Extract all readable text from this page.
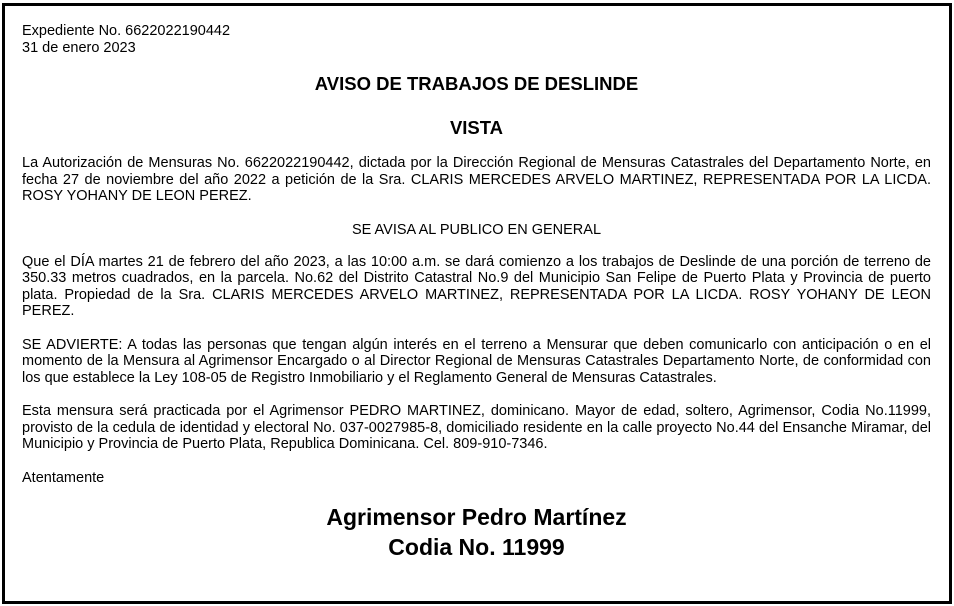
Expediente No. 6622022190442

31 de enero 2023

AVISO DE TRABAJOS DE DESLINDE
VISTA

La Autorización de Mensuras No. 6622022190442, dictada por la Dirección Regional de Mensuras Catastrales del Departamento Norte, en fecha 27 de noviembre del año 2022 a petición de la Sra. CLARIS MERCEDES ARVELO MARTINEZ, REPRESENTADA POR LA LICDA. ROSY YOHANY DE LEON PEREZ.

SE AVISA AL PUBLICO EN GENERAL

Que el DÍA martes 21 de febrero del año 2023, a las 10:00 a.m. se dará comienzo a los trabajos de Deslinde de una porción de terreno de 350.33 metros cuadrados, en la parcela. No.62 del Distrito Catastral No.9 del Municipio San Felipe de Puerto Plata y Provincia de puerto plata. Propiedad de la Sra. CLARIS MERCEDES ARVELO MARTINEZ, REPRESENTADA POR LA LICDA. ROSY YOHANY DE LEON PEREZ.

SE ADVIERTE: A todas las personas que tengan algún interés en el terreno a Mensurar que deben comunicarlo con anticipación o en el momento de la Mensura al Agrimensor Encargado o al Director Regional de Mensuras Catastrales Departamento Norte, de conformidad con los que establece la Ley 108-05 de Registro Inmobiliario y el Reglamento General de Mensuras Catastrales.

Esta mensura será practicada por el Agrimensor PEDRO MARTINEZ, dominicano. Mayor de edad, soltero, Agrimensor, Codia No.11999, provisto de la cedula de identidad y electoral No. 037-0027985-8, domiciliado residente en la calle proyecto No.44 del Ensanche Miramar, del Municipio y Provincia de Puerto Plata, Republica Dominicana. Cel. 809-910-7346.

Atentamente

Agrimensor Pedro Martínez

Codia No. 11999
